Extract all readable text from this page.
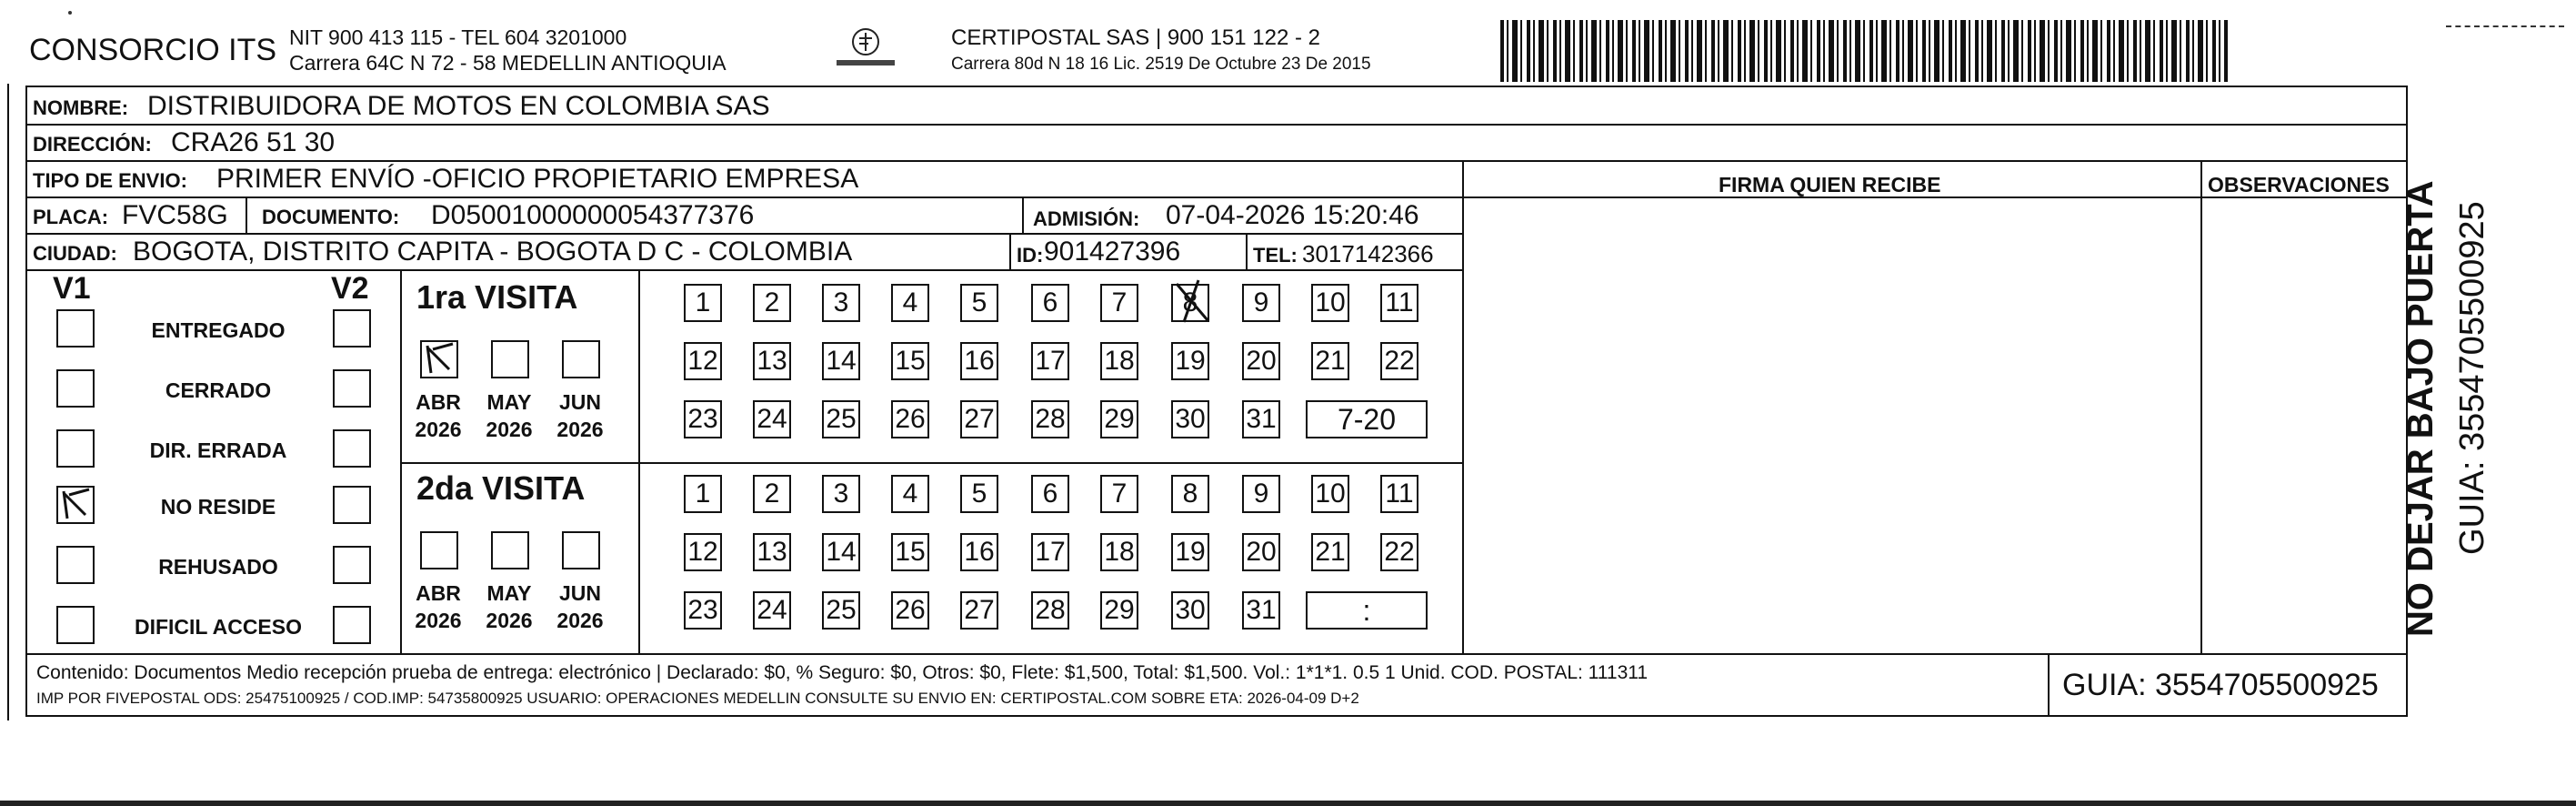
CONSORCIO ITS NIT 900 413 115 - TEL 604 3201000
Carrera 64C N 72 - 58 MEDELLIN ANTIOQUIA
CERTIPOSTAL SAS | 900 151 122 - 2
Carrera 80d N 18 16 Lic. 2519 De Octubre 23 De 2015
NOMBRE: DISTRIBUIDORA DE MOTOS EN COLOMBIA SAS
DIRECCIÓN: CRA26 51 30
TIPO DE ENVIO: PRIMER ENVÍO -OFICIO PROPIETARIO EMPRESA	FIRMA QUIEN RECIBE	OBSERVACIONES
PLACA: FVC58G DOCUMENTO: D05001000000054377376	ADMISIÓN: 07-04-2026 15:20:46
CIUDAD: BOGOTA, DISTRITO CAPITA - BOGOTA D C - COLOMBIA	ID: 901427396	TEL: 3017142366
V1	V2
ENTREGADO
CERRADO
DIR. ERRADA
NO RESIDE
REHUSADO
DIFICIL ACCESO
1ra VISITA
ABR
2026
MAY
2026
JUN
2026
1	2	3	4	5	6	7	8	9	10 11
12 13 14 15 16 17 18 19 20 21 22
23 24 25 26 27 28 29 30 31	7-20
2da VISITA
ABR
2026
MAY
2026
JUN
2026
1	2	3	4	5	6	7	8	9	10 11
12 13 14 15 16 17 18 19 20 21 22
23 24 25 26 27 28 29 30 31	:
Contenido: Documentos Medio recepción prueba de entrega: electrónico | Declarado: $0, % Seguro: $0, Otros: $0, Flete: $1,500, Total: $1,500. Vol.: 1*1*1. 0.5 1 Unid. COD. POSTAL: 111311
IMP POR FIVEPOSTAL ODS: 25475100925 / COD.IMP: 54735800925 USUARIO: OPERACIONES MEDELLIN CONSULTE SU ENVIO EN: CERTIPOSTAL.COM SOBRE ETA: 2026-04-09 D+2	GUIA: 3554705500925
NO DEJAR BAJO PUERTA GUIA: 3554705500925
